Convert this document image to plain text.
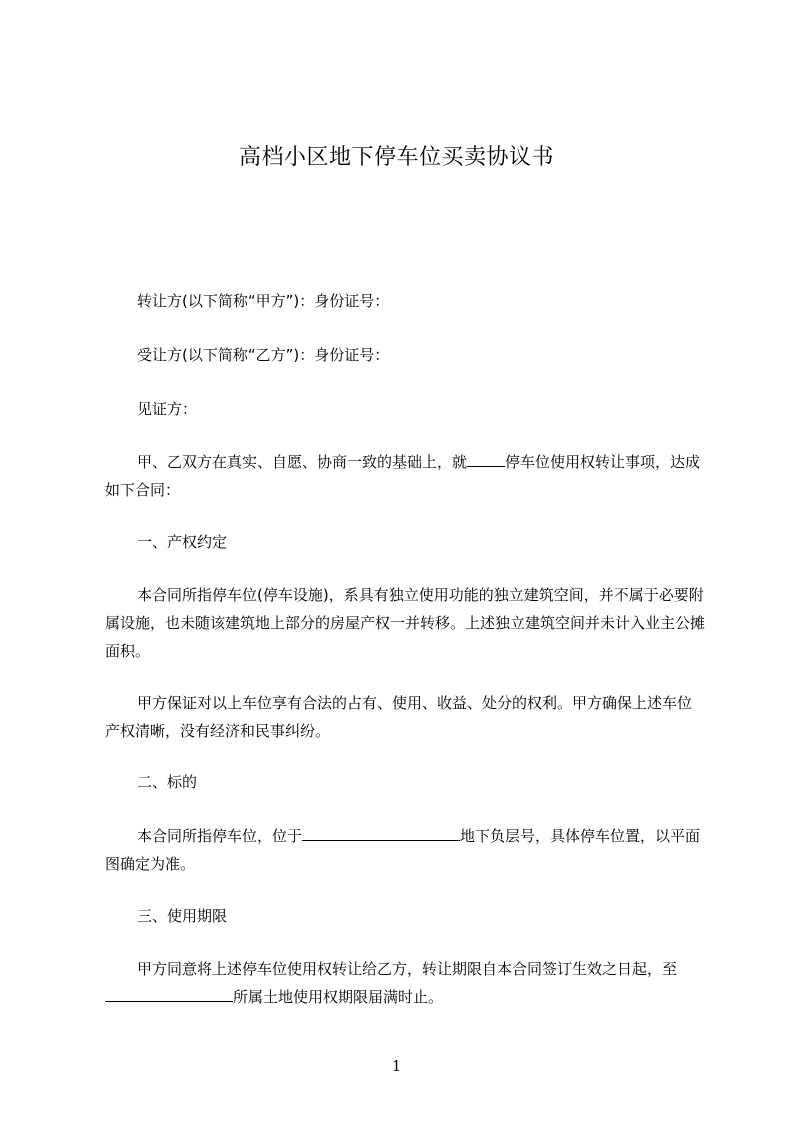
高档小区地下停车位买卖协议书

转让方(以下简称“甲方”)：身份证号：

受让方(以下简称“乙方”)：身份证号：

见证方：

甲、乙双方在真实、自愿、协商一致的基础上，就	停车位使用权转让事项，达成如下合同：

一、产权约定

本合同所指停车位(停车设施)，系具有独立使用功能的独立建筑空间，并不属于必要附属设施，也未随该建筑地上部分的房屋产权一并转移。上述独立建筑空间并未计入业主公摊面积。

甲方保证对以上车位享有合法的占有、使用、收益、处分的权利。甲方确保上述车位产权清晰，没有经济和民事纠纷。

二、标的

本合同所指停车位，位于	地下负层号，具体停车位置，以平面图确定为准。

三、使用期限

甲方同意将上述停车位使用权转让给乙方，转让期限自本合同签订生效之日起，至所属土地使用权期限届满时止。

1
